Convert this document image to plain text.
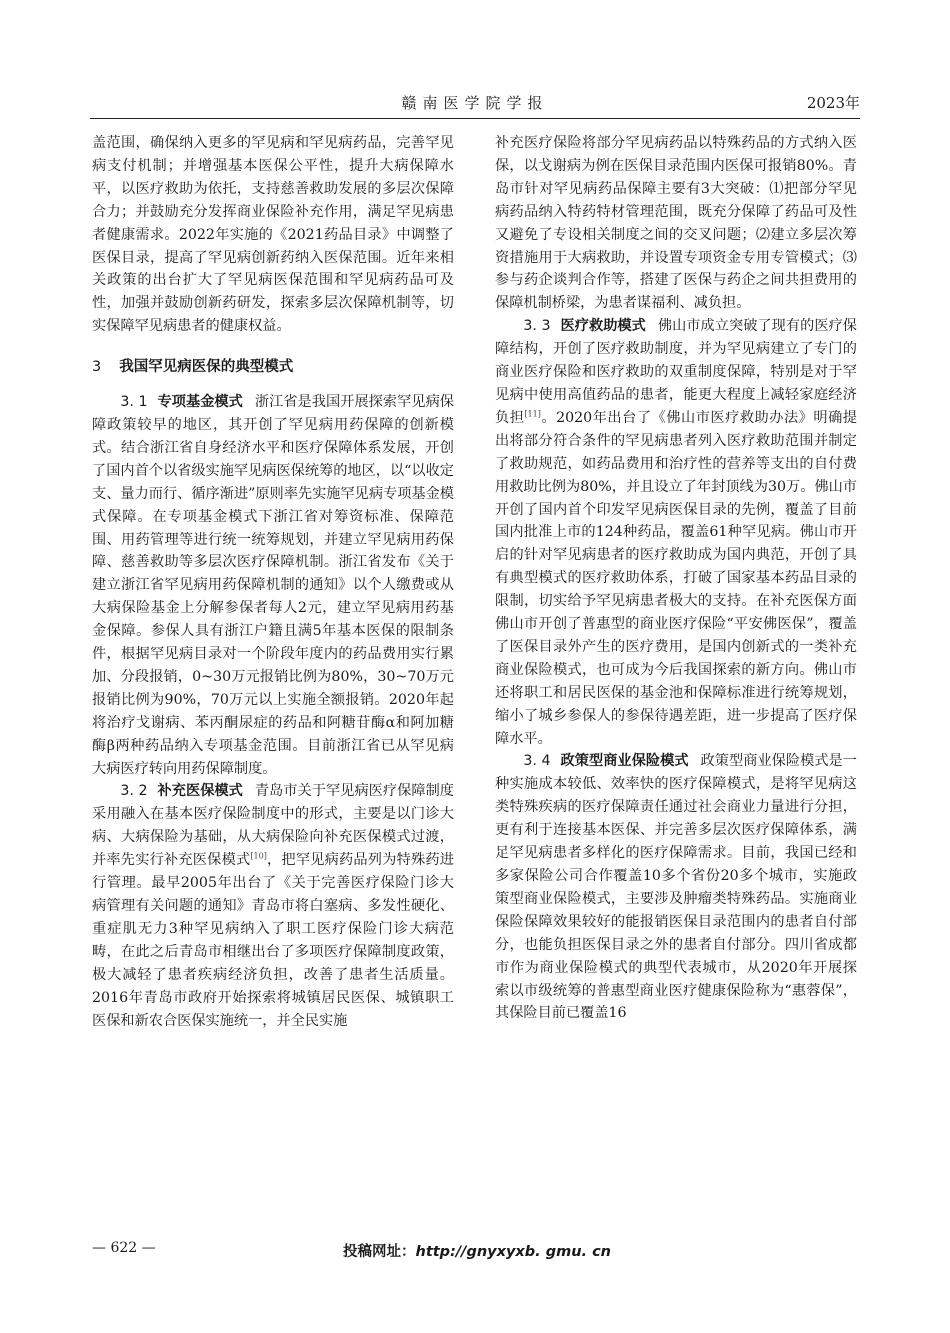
赣南医学院学报	2023年

盖范围，确保纳入更多的罕见病和罕见病药品，完善罕见病支付机制；并增强基本医保公平性，提升大病保障水平，以医疗救助为依托，支持慈善救助发展的多层次保障合力；并鼓励充分发挥商业保险补充作用，满足罕见病患者健康需求。2022年实施的《2021药品目录》中调整了医保目录，提高了罕见病创新药纳入医保范围。近年来相关政策的出台扩大了罕见病医保范围和罕见病药品可及性，加强并鼓励创新药研发，探索多层次保障机制等，切实保障罕见病患者的健康权益。

3 我国罕见病医保的典型模式

3. 1 专项基金模式 浙江省是我国开展探索罕见病保障政策较早的地区，其开创了罕见病用药保障的创新模式。结合浙江省自身经济水平和医疗保障体系发展，开创了国内首个以省级实施罕见病医保统筹的地区，以“以收定支、量力而行、循序渐进”原则率先实施罕见病专项基金模式保障。在专项基金模式下浙江省对筹资标准、保障范围、用药管理等进行统一统筹规划，并建立罕见病用药保障、慈善救助等多层次医疗保障机制。浙江省发布《关于建立浙江省罕见病用药保障机制的通知》以个人缴费或从大病保险基金上分解参保者每人2元，建立罕见病用药基金保障。参保人具有浙江户籍且满5年基本医保的限制条件，根据罕见病目录对一个阶段年度内的药品费用实行累加、分段报销，0~30万元报销比例为80%，30~70万元报销比例为90%，70万元以上实施全额报销。2020年起将治疗戈谢病、苯丙酮尿症的药品和阿糖苷酶α和阿加糖酶β两种药品纳入专项基金范围。目前浙江省已从罕见病大病医疗转向用药保障制度。

3. 2 补充医保模式 青岛市关于罕见病医疗保障制度采用融入在基本医疗保险制度中的形式，主要是以门诊大病、大病保险为基础，从大病保险向补充医保模式过渡，并率先实行补充医保模式[10]，把罕见病药品列为特殊药进行管理。最早2005年出台了《关于完善医疗保险门诊大病管理有关问题的通知》青岛市将白塞病、多发性硬化、重症肌无力3种罕见病纳入了职工医疗保险门诊大病范畴，在此之后青岛市相继出台了多项医疗保障制度政策，极大减轻了患者疾病经济负担，改善了患者生活质量。2016年青岛市政府开始探索将城镇居民医保、城镇职工医保和新农合医保实施统一，并全民实施

补充医疗保险将部分罕见病药品以特殊药品的方式纳入医保，以戈谢病为例在医保目录范围内医保可报销80%。青岛市针对罕见病药品保障主要有3大突破：⑴把部分罕见病药品纳入特药特材管理范围，既充分保障了药品可及性又避免了专设相关制度之间的交叉问题；⑵建立多层次筹资措施用于大病救助，并设置专项资金专用专管模式；⑶参与药企谈判合作等，搭建了医保与药企之间共担费用的保障机制桥梁，为患者谋福利、减负担。

3. 3 医疗救助模式 佛山市成立突破了现有的医疗保障结构，开创了医疗救助制度，并为罕见病建立了专门的商业医疗保险和医疗救助的双重制度保障，特别是对于罕见病中使用高值药品的患者，能更大程度上减轻家庭经济负担[11]。2020年出台了《佛山市医疗救助办法》明确提出将部分符合条件的罕见病患者列入医疗救助范围并制定了救助规范，如药品费用和治疗性的营养等支出的自付费用救助比例为80%，并且设立了年封顶线为30万。佛山市开创了国内首个印发罕见病医保目录的先例，覆盖了目前国内批准上市的124种药品，覆盖61种罕见病。佛山市开启的针对罕见病患者的医疗救助成为国内典范，开创了具有典型模式的医疗救助体系，打破了国家基本药品目录的限制，切实给予罕见病患者极大的支持。在补充医保方面佛山市开创了普惠型的商业医疗保险“平安佛医保”，覆盖了医保目录外产生的医疗费用，是国内创新式的一类补充商业保险模式，也可成为今后我国探索的新方向。佛山市还将职工和居民医保的基金池和保障标准进行统筹规划，缩小了城乡参保人的参保待遇差距，进一步提高了医疗保障水平。

3. 4 政策型商业保险模式 政策型商业保险模式是一种实施成本较低、效率快的医疗保障模式，是将罕见病这类特殊疾病的医疗保障责任通过社会商业力量进行分担，更有利于连接基本医保、并完善多层次医疗保障体系，满足罕见病患者多样化的医疗保障需求。目前，我国已经和多家保险公司合作覆盖10多个省份20多个城市，实施政策型商业保险模式，主要涉及肿瘤类特殊药品。实施商业保险保障效果较好的能报销医保目录范围内的患者自付部分，也能负担医保目录之外的患者自付部分。四川省成都市作为商业保险模式的典型代表城市，从2020年开展探索以市级统筹的普惠型商业医疗健康保险称为“惠蓉保”，其保险目前已覆盖16

— 622 —	投稿网址：http://gnyxyxb. gmu. cn
